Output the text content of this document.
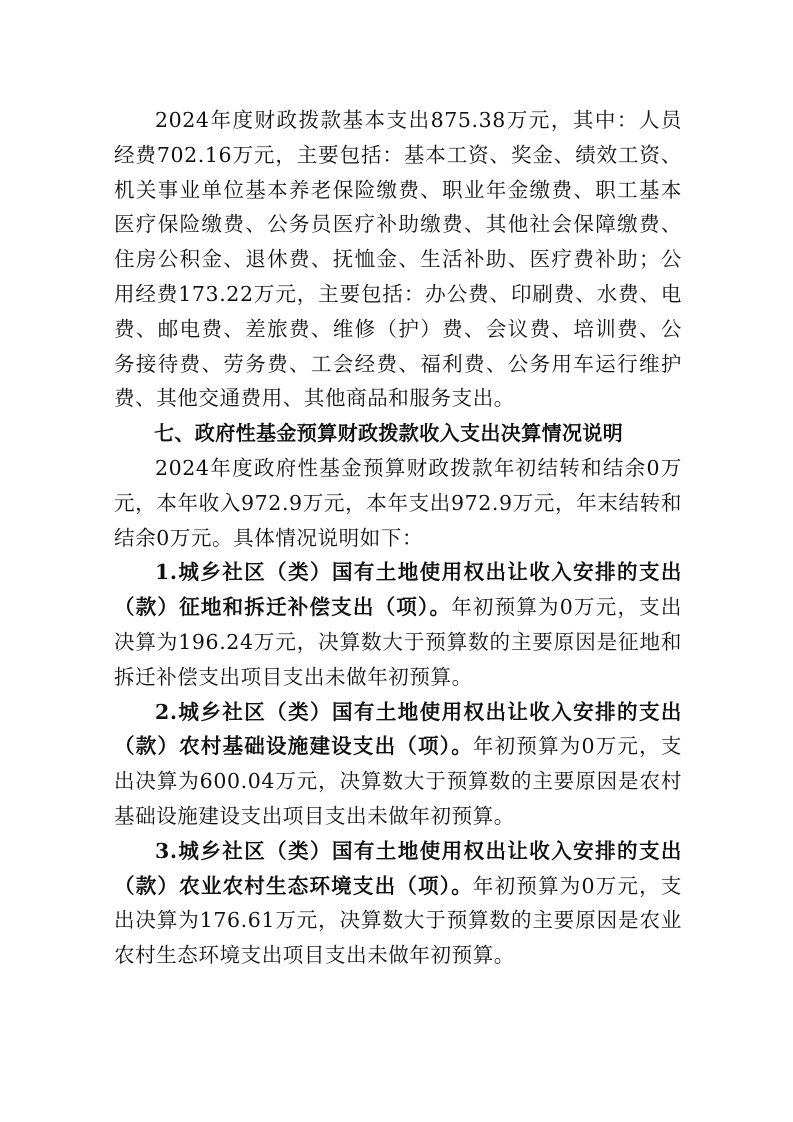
2024年度财政拨款基本支出875.38万元，其中：人员经费702.16万元，主要包括：基本工资、奖金、绩效工资、机关事业单位基本养老保险缴费、职业年金缴费、职工基本医疗保险缴费、公务员医疗补助缴费、其他社会保障缴费、住房公积金、退休费、抚恤金、生活补助、医疗费补助；公用经费173.22万元，主要包括：办公费、印刷费、水费、电费、邮电费、差旅费、维修（护）费、会议费、培训费、公务接待费、劳务费、工会经费、福利费、公务用车运行维护费、其他交通费用、其他商品和服务支出。

七、政府性基金预算财政拨款收入支出决算情况说明

2024年度政府性基金预算财政拨款年初结转和结余0万元，本年收入972.9万元，本年支出972.9万元，年末结转和结余0万元。具体情况说明如下：

1.城乡社区（类）国有土地使用权出让收入安排的支出（款）征地和拆迁补偿支出（项）。年初预算为0万元，支出决算为196.24万元，决算数大于预算数的主要原因是征地和拆迁补偿支出项目支出未做年初预算。

2.城乡社区（类）国有土地使用权出让收入安排的支出（款）农村基础设施建设支出（项）。年初预算为0万元，支出决算为600.04万元，决算数大于预算数的主要原因是农村基础设施建设支出项目支出未做年初预算。

3.城乡社区（类）国有土地使用权出让收入安排的支出（款）农业农村生态环境支出（项）。年初预算为0万元，支出决算为176.61万元，决算数大于预算数的主要原因是农业农村生态环境支出项目支出未做年初预算。
